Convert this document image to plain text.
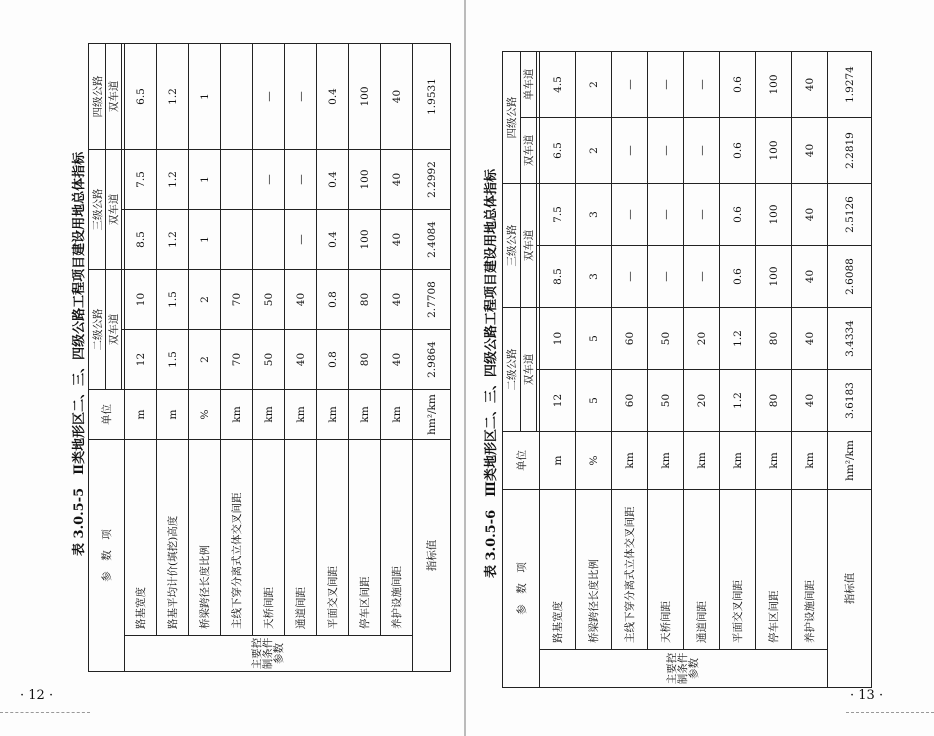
表 3.0.5-5　Ⅱ类地形区二、三、四级公路工程项目建设用地总体指标 参　数　项		单位	二级公路		三级公路		四级公路
			双车道		双车道		双车道

主要控制条件参数	路基宽度	m	12	10	8.5	7.5	6.5
	路基平均计价(填挖)高度	m	1.5	1.5	1.2	1.2	1.2
	桥梁跨径长度比例	%	2	2	1	1	1
	主线下穿分离式立体交叉间距	km	70	70			
	天桥间距	km	50	50		—	—
	通道间距	km	40	40	—	—	—
	平面交叉间距	km	0.8	0.8	0.4	0.4	0.4
	停车区间距	km	80	80	100	100	100
	养护设施间距	km	40	40	40	40	40
指标值		hm²/km	2.9864	2.7708	2.4084	2.2992	1.9531
· 12 ·
表 3.0.5-6　Ⅲ类地形区二、三、四级公路工程项目建设用地总体指标
参　数　项		单位	二级公路		三级公路		四级公路	
			双车道		双车道		双车道	单车道

主要控制条件参数	路基宽度	m	12	10	8.5	7.5	6.5	4.5
	桥梁跨径长度比例	%	5	5	3	3	2	2
	主线下穿分离式立体交叉间距	km	60	60	—	—	—	—
	天桥间距	km	50	50	—	—	—	—
	通道间距	km	20	20	—	—	—	—
	平面交叉间距	km	1.2	1.2	0.6	0.6	0.6	0.6
	停车区间距	km	80	80	100	100	100	100
	养护设施间距	km	40	40	40	40	40	40
指标值		hm²/km	3.6183	3.4334	2.6088	2.5126	2.2819	1.9274
· 13 ·
